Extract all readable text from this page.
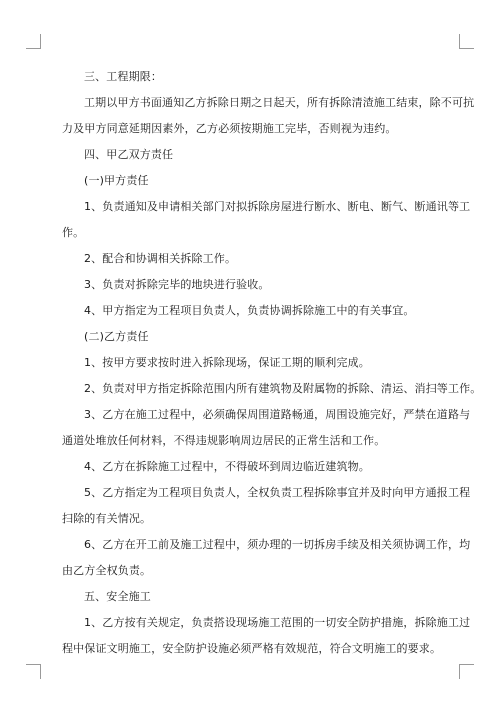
三、工程期限：
工期以甲方书面通知乙方拆除日期之日起天，所有拆除清渣施工结束，除不可抗
力及甲方同意延期因素外，乙方必须按期施工完毕，否则视为违约。
四、甲乙双方责任
(一)甲方责任
1、负责通知及申请相关部门对拟拆除房屋进行断水、断电、断气、断通讯等工
作。
2、配合和协调相关拆除工作。
3、负责对拆除完毕的地块进行验收。
4、甲方指定为工程项目负责人，负责协调拆除施工中的有关事宜。
(二)乙方责任
1、按甲方要求按时进入拆除现场，保证工期的顺利完成。
2、负责对甲方指定拆除范围内所有建筑物及附属物的拆除、清运、消扫等工作。
3、乙方在施工过程中，必须确保周围道路畅通，周围设施完好，严禁在道路与
通道处堆放任何材料，不得违规影响周边居民的正常生活和工作。
4、乙方在拆除施工过程中，不得破坏到周边临近建筑物。
5、乙方指定为工程项目负责人，全权负责工程拆除事宜并及时向甲方通报工程
扫除的有关情况。
6、乙方在开工前及施工过程中，须办理的一切拆房手续及相关须协调工作，均
由乙方全权负责。
五、安全施工
1、乙方按有关规定，负责搭设现场施工范围的一切安全防护措施，拆除施工过
程中保证文明施工，安全防护设施必须严格有效规范，符合文明施工的要求。
